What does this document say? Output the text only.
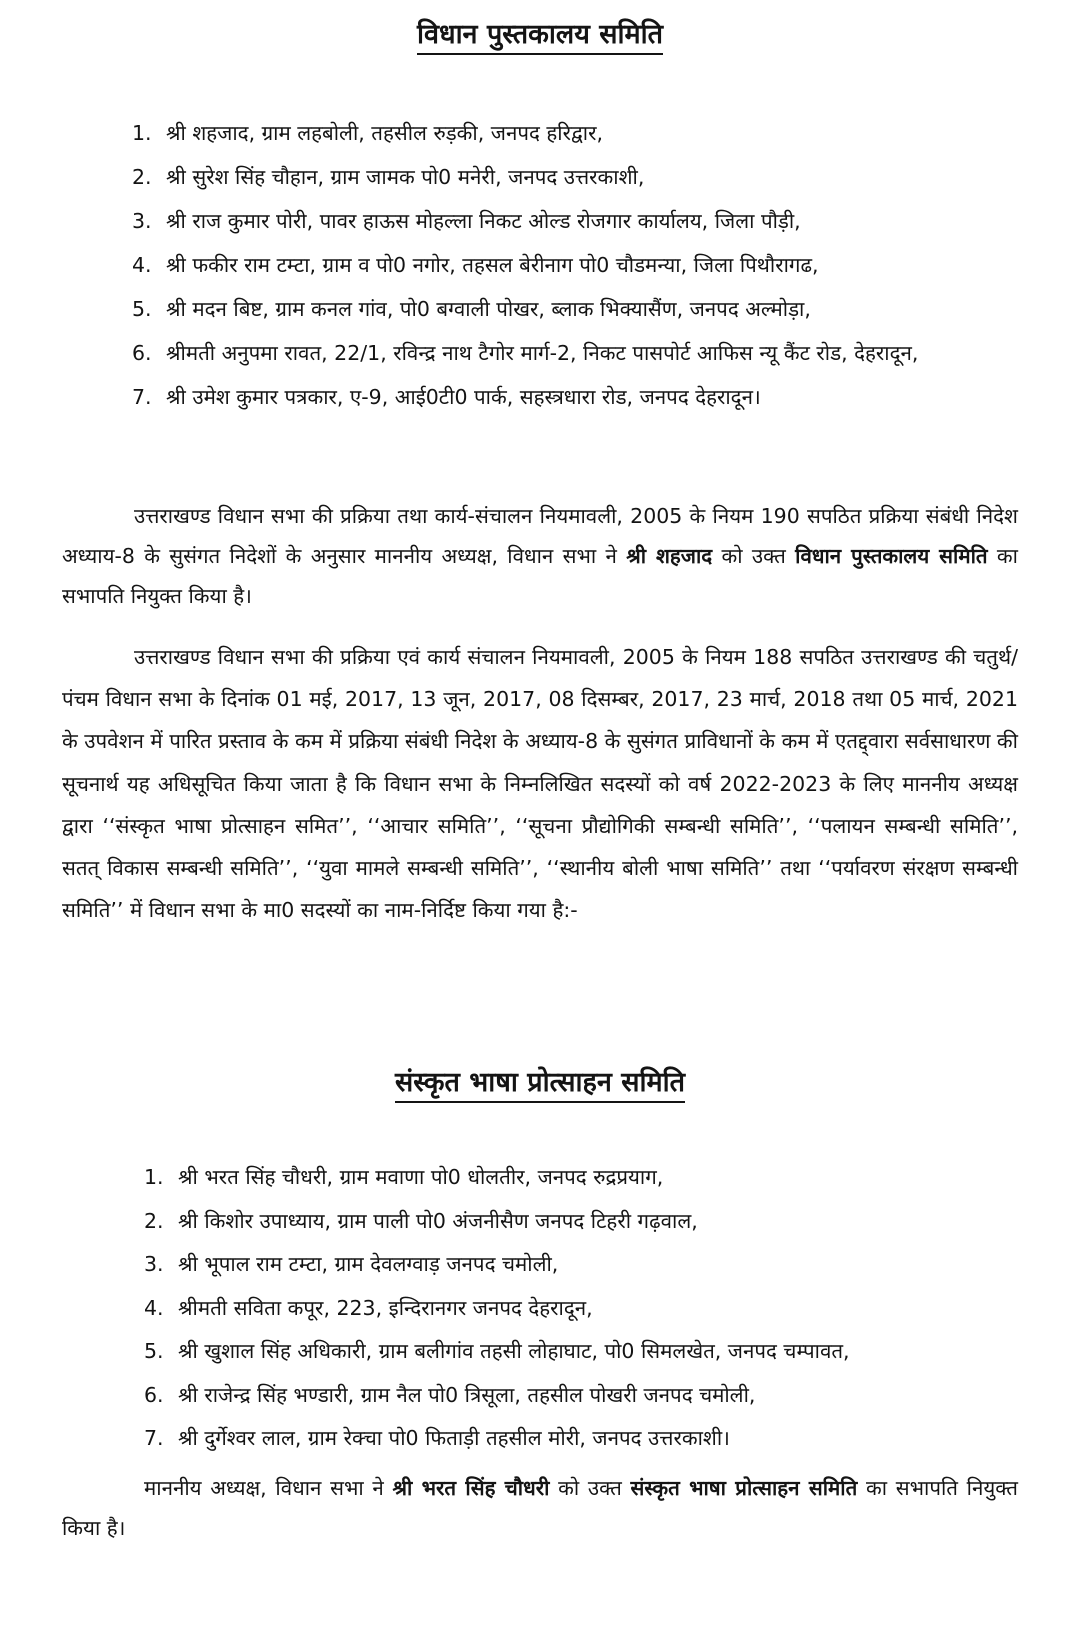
विधान पुस्तकालय समिति
1. श्री शहजाद, ग्राम लहबोली, तहसील रुड़की, जनपद हरिद्वार,
2. श्री सुरेश सिंह चौहान, ग्राम जामक पो0 मनेरी, जनपद उत्तरकाशी,
3. श्री राज कुमार पोरी, पावर हाऊस मोहल्ला निकट ओल्ड रोजगार कार्यालय, जिला पौड़ी,
4. श्री फकीर राम टम्टा, ग्राम व पो0 नगोर, तहसल बेरीनाग पो0 चौडमन्या, जिला पिथौरागढ,
5. श्री मदन बिष्ट, ग्राम कनल गांव, पो0 बग्वाली पोखर, ब्लाक भिक्यासैंण, जनपद अल्मोड़ा,
6. श्रीमती अनुपमा रावत, 22/1, रविन्द्र नाथ टैगोर मार्ग-2, निकट पासपोर्ट आफिस न्यू कैंट रोड, देहरादून,
7. श्री उमेश कुमार पत्रकार, ए-9, आई0टी0 पार्क, सहस्त्रधारा रोड, जनपद देहरादून।

उत्तराखण्ड विधान सभा की प्रक्रिया तथा कार्य-संचालन नियमावली, 2005 के नियम 190 सपठित प्रक्रिया संबंधी निदेश अध्याय-8 के सुसंगत निदेशों के अनुसार माननीय अध्यक्ष, विधान सभा ने श्री शहजाद को उक्त विधान पुस्तकालय समिति का सभापति नियुक्त किया है।

उत्तराखण्ड विधान सभा की प्रक्रिया एवं कार्य संचालन नियमावली, 2005 के नियम 188 सपठित उत्तराखण्ड की चतुर्थ/पंचम विधान सभा के दिनांक 01 मई, 2017, 13 जून, 2017, 08 दिसम्बर, 2017, 23 मार्च, 2018 तथा 05 मार्च, 2021 के उपवेशन में पारित प्रस्ताव के कम में प्रक्रिया संबंधी निदेश के अध्याय-8 के सुसंगत प्राविधानों के कम में एतद्द्वारा सर्वसाधारण की सूचनार्थ यह अधिसूचित किया जाता है कि विधान सभा के निम्नलिखित सदस्यों को वर्ष 2022-2023 के लिए माननीय अध्यक्ष द्वारा ‘‘संस्कृत भाषा प्रोत्साहन समित’’, ‘‘आचार समिति’’, ‘‘सूचना प्रौद्योगिकी सम्बन्धी समिति’’, ‘‘पलायन सम्बन्धी समिति’’, सतत् विकास सम्बन्धी समिति’’, ‘‘युवा मामले सम्बन्धी समिति’’, ‘‘स्थानीय बोली भाषा समिति’’ तथा ‘‘पर्यावरण संरक्षण सम्बन्धी समिति’’ में विधान सभा के मा0 सदस्यों का नाम-निर्दिष्ट किया गया है:-

संस्कृत भाषा प्रोत्साहन समिति
1. श्री भरत सिंह चौधरी, ग्राम मवाणा पो0 धोलतीर, जनपद रुद्रप्रयाग,
2. श्री किशोर उपाध्याय, ग्राम पाली पो0 अंजनीसैण जनपद टिहरी गढ़वाल,
3. श्री भूपाल राम टम्टा, ग्राम देवलग्वाड़ जनपद चमोली,
4. श्रीमती सविता कपूर, 223, इन्दिरानगर जनपद देहरादून,
5. श्री खुशाल सिंह अधिकारी, ग्राम बलीगांव तहसी लोहाघाट, पो0 सिमलखेत, जनपद चम्पावत,
6. श्री राजेन्द्र सिंह भण्डारी, ग्राम नैल पो0 त्रिसूला, तहसील पोखरी जनपद चमोली,
7. श्री दुर्गेश्वर लाल, ग्राम रेक्चा पो0 फिताड़ी तहसील मोरी, जनपद उत्तरकाशी।

माननीय अध्यक्ष, विधान सभा ने श्री भरत सिंह चौधरी को उक्त संस्कृत भाषा प्रोत्साहन समिति का सभापति नियुक्त किया है।
